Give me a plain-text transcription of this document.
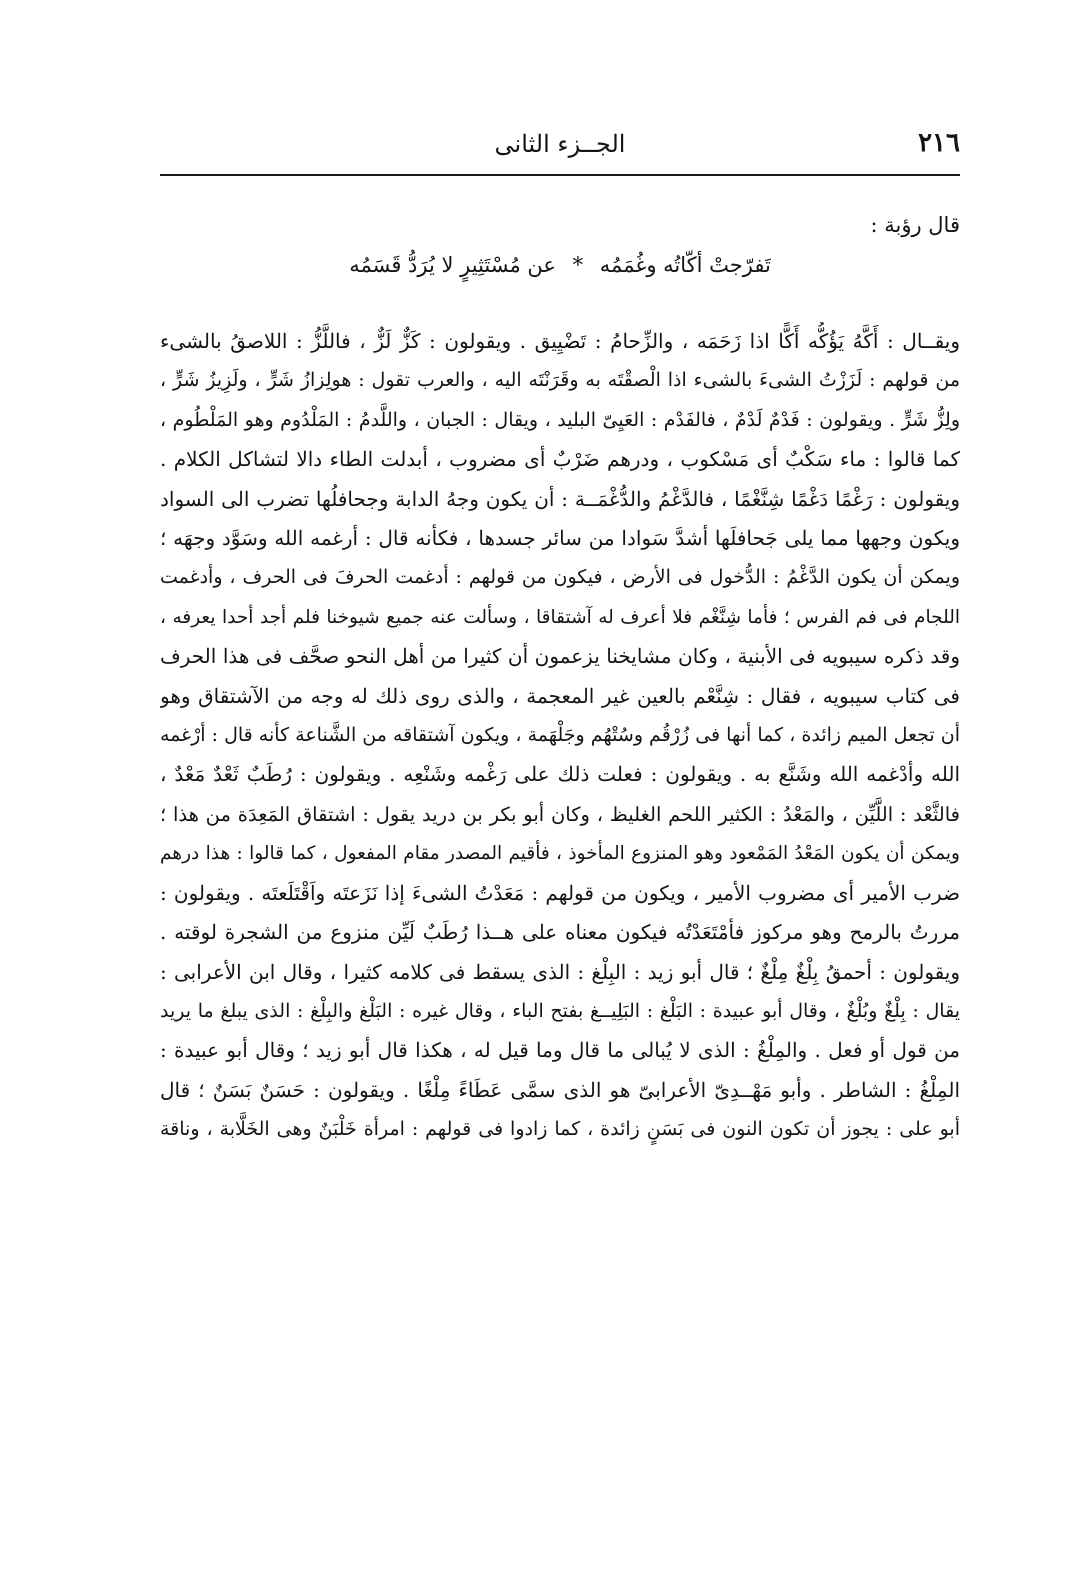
٢١٦
الجــزء الثانى
قال رؤبة :
تَفرّجتْ أكّاتُه وغُمَمُه * عن مُسْتَثِيرٍ لا يُرَدُّ قَسَمُه
ويقــال : أَكَّهُ يَؤُكُّه أَكًّا اذا زَحَمَه ، والزِّحامُ : تَضْيِيق . ويقولون : كَزٌّ لَزٌّ ، فاللَّزُّ : اللاصقُ بالشىء
من قولهم : لَزَزْتُ الشىءَ بالشىء اذا الْصقْتَه به وقَرَنْتَه اليه ، والعرب تقول : هولِزازُ شَرٍّ ، ولَزِيزُ شَرٍّ ،
ولِزُّ شَرٍّ . ويقولون : فَدْمٌ لَدْمٌ ، فالفَدْم : العَيِىّ البليد ، ويقال : الجبان ، واللَّدمُ : المَلْدُوم وهو المَلْطُوم ،
كما قالوا : ماء سَكْبٌ أى مَسْكوب ، ودرهم ضَرْبٌ أى مضروب ، أبدلت الطاء دالا لتشاكل الكلام .
ويقولون : رَغْمًا دَغْمًا شِنَّغْمًا ، فالدَّغْمُ والدُّغْمَــة : أن يكون وجهُ الدابة وجحافلُها تضرب الى السواد
ويكون وجهها مما يلى جَحافلَها أشدَّ سَوادا من سائر جسدها ، فكأنه قال : أرغمه الله وسَوَّد وجهَه ؛
ويمكن أن يكون الدَّغْمُ : الدُّخول فى الأرض ، فيكون من قولهم : أدغمت الحرفَ فى الحرف ، وأدغمت
اللجام فى فم الفرس ؛ فأما شِنَّغْم فلا أعرف له آشتقاقا ، وسألت عنه جميع شيوخنا فلم أجد أحدا يعرفه ،
وقد ذكره سيبويه فى الأبنية ، وكان مشايخنا يزعمون أن كثيرا من أهل النحو صحَّف فى هذا الحرف
فى كتاب سيبويه ، فقال : شِنَّعْم بالعين غير المعجمة ، والذى روى ذلك له وجه من الآشتقاق وهو
أن تجعل الميم زائدة ، كما أنها فى زُرْقُم وسُتْهُم وجَلْهَمة ، ويكون آشتقاقه من الشَّناعة كأنه قال : أرْغمه
الله وأدْغمه الله وشَنَّع به . ويقولون : فعلت ذلك على رَغْمه وشَنْعِه . ويقولون : رُطَبٌ ثَعْدٌ مَعْدٌ ،
فالثَّعْد : اللَّيِّن ، والمَعْدُ : الكثير اللحم الغليظ ، وكان أبو بكر بن دريد يقول : اشتقاق المَعِدَة من هذا ؛
ويمكن أن يكون المَعْدُ المَمْعود وهو المنزوع المأخوذ ، فأقيم المصدر مقام المفعول ، كما قالوا : هذا درهم
ضرب الأمير أى مضروب الأمير ، ويكون من قولهم : مَعَدْتُ الشىءَ إذا نَزَعتَه واَقْتَلَعتَه . ويقولون :
مررتُ بالرمح وهو مركوز فأمْتَعَدْتُه فيكون معناه على هــذا رُطَبٌ لَيِّن منزوع من الشجرة لوقته .
ويقولون : أحمقُ بِلْغٌ مِلْغٌ ؛ قال أبو زيد : البِلْغ : الذى يسقط فى كلامه كثيرا ، وقال ابن الأعرابى :
يقال : بِلْغٌ وبُلْغٌ ، وقال أبو عبيدة : البَلْغ : البَلِيــغ بفتح الباء ، وقال غيره : البَلْغ والبِلْغ : الذى يبلغ ما يريد
من قول أو فعل . والمِلْغُ : الذى لا يُبالى ما قال وما قيل له ، هكذا قال أبو زيد ؛ وقال أبو عبيدة :
المِلْغُ : الشاطر . وأبو مَهْــدِىّ الأعرابىّ هو الذى سمَّى عَطَاءً مِلْغًا . ويقولون : حَسَنٌ بَسَنٌ ؛ قال
أبو على : يجوز أن تكون النون فى بَسَنٍ زائدة ، كما زادوا فى قولهم : امرأة خَلْبَنٌ وهى الخَلَّابة ، وناقة
